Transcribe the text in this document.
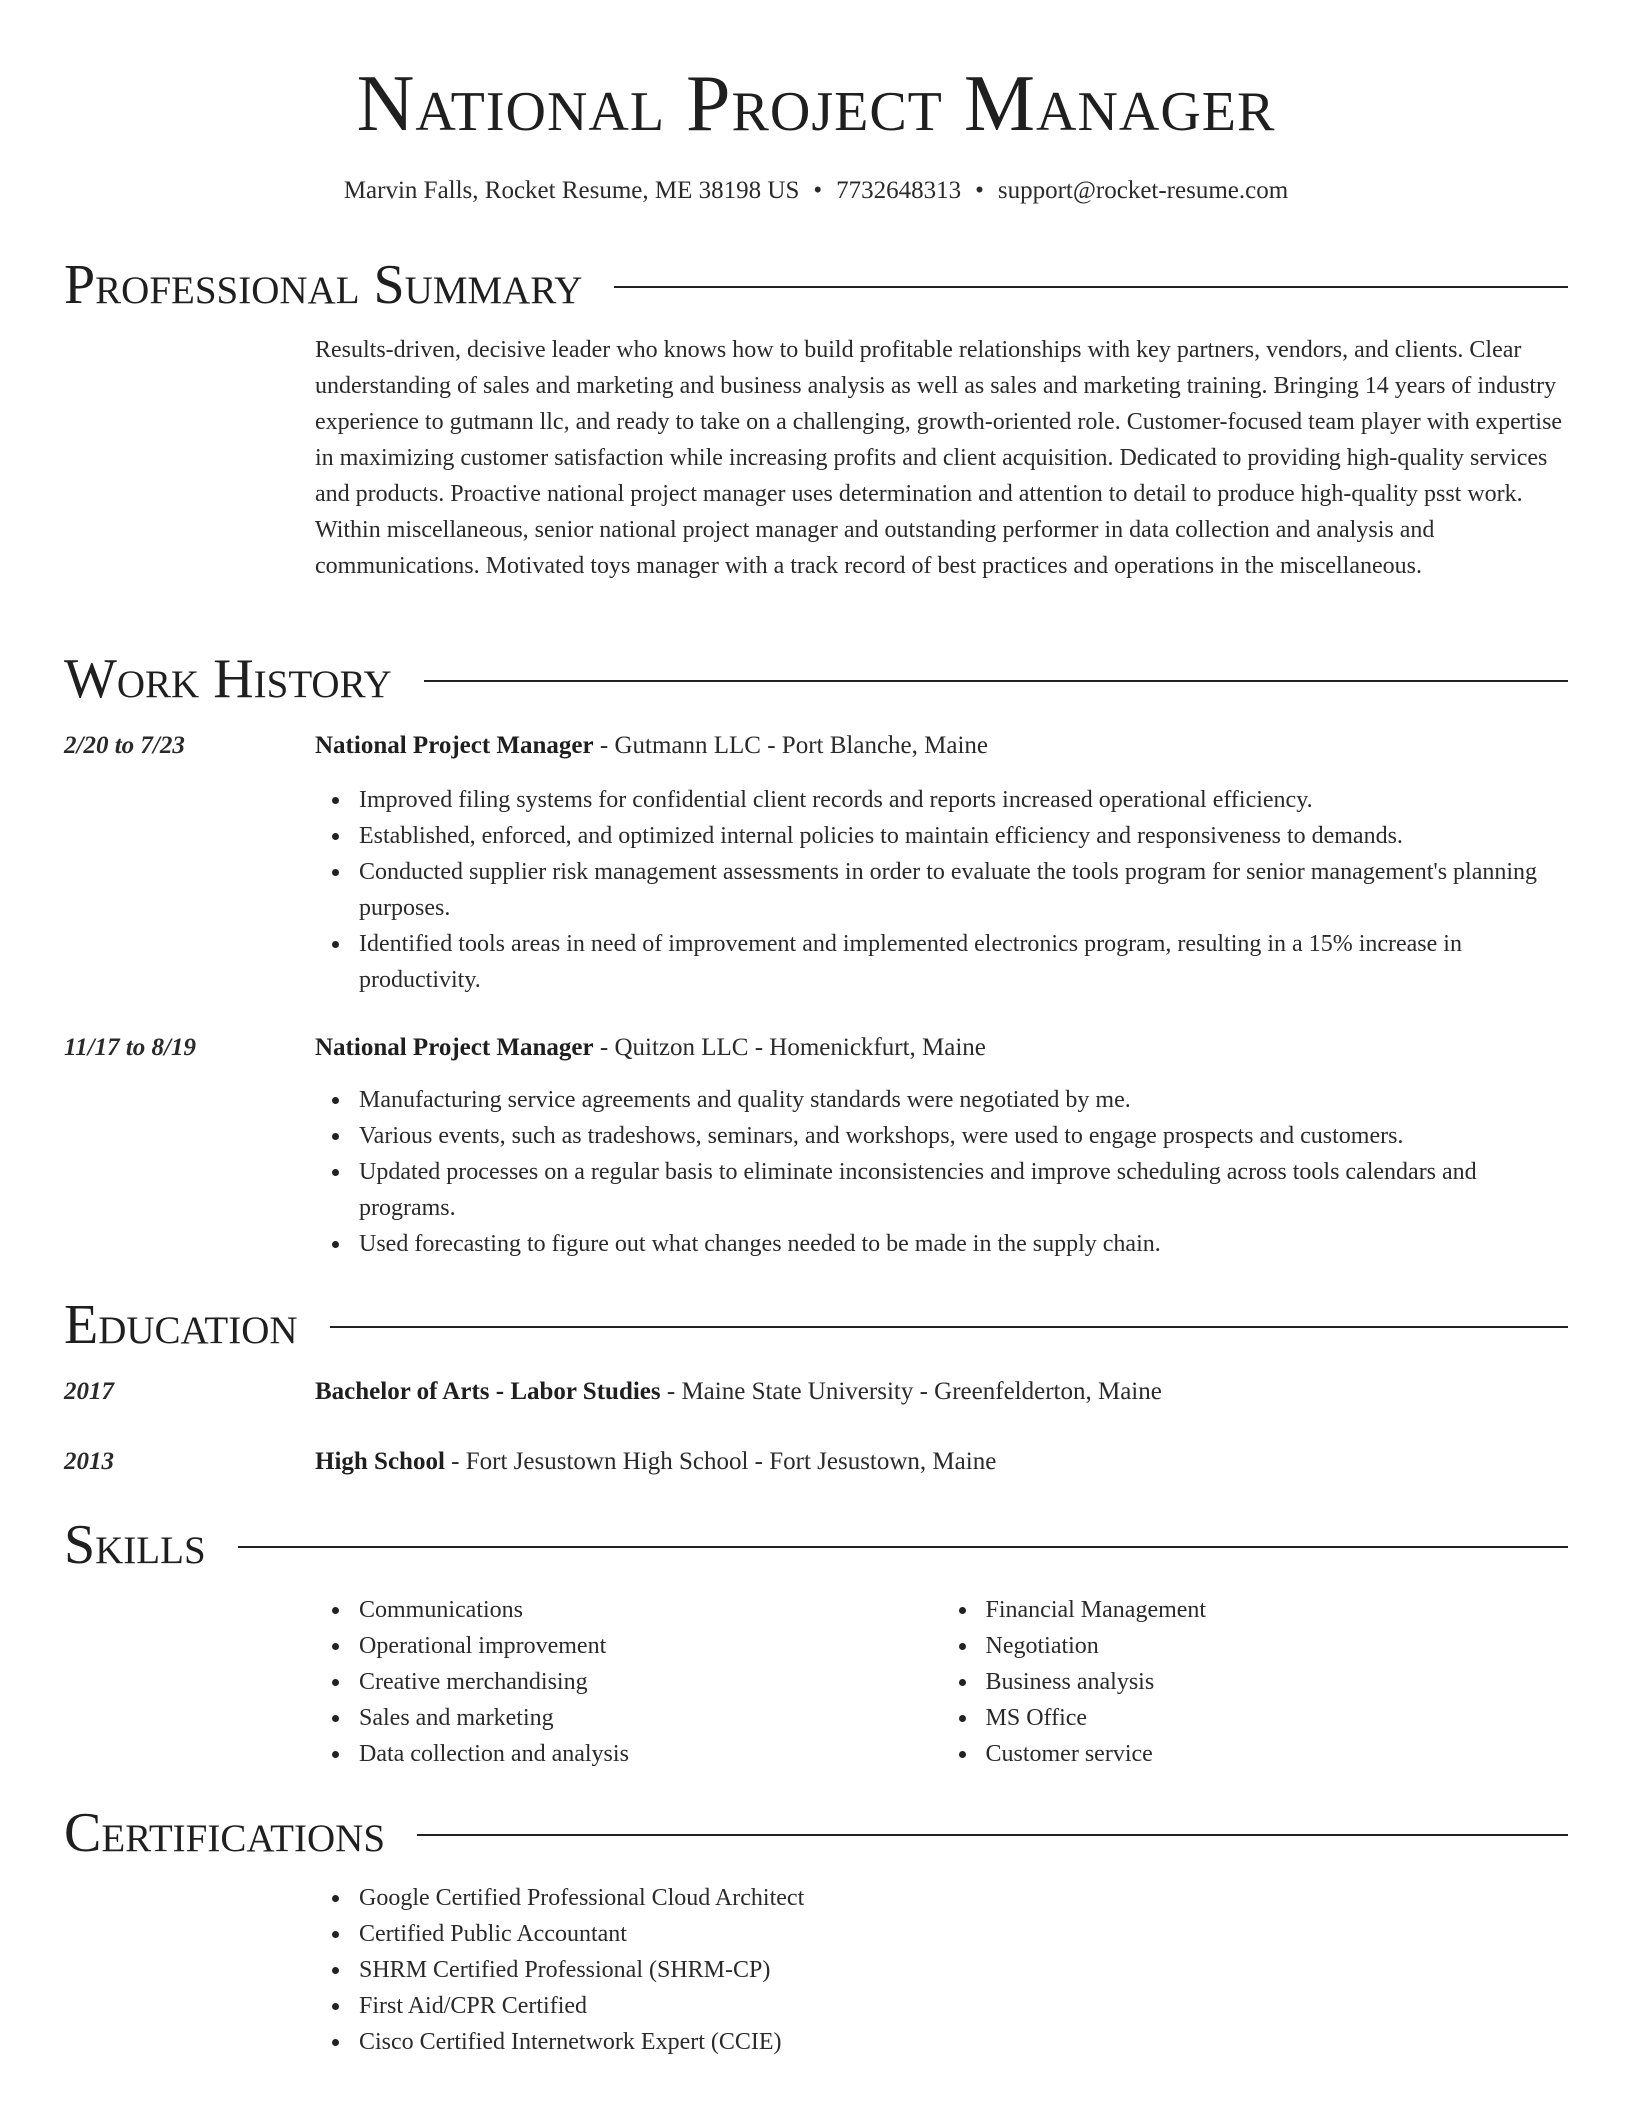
National Project Manager
Marvin Falls, Rocket Resume, ME 38198 US • 7732648313 • support@rocket-resume.com
Professional Summary
Results-driven, decisive leader who knows how to build profitable relationships with key partners, vendors, and clients. Clear understanding of sales and marketing and business analysis as well as sales and marketing training. Bringing 14 years of industry experience to gutmann llc, and ready to take on a challenging, growth-oriented role. Customer-focused team player with expertise in maximizing customer satisfaction while increasing profits and client acquisition. Dedicated to providing high-quality services and products. Proactive national project manager uses determination and attention to detail to produce high-quality psst work. Within miscellaneous, senior national project manager and outstanding performer in data collection and analysis and communications. Motivated toys manager with a track record of best practices and operations in the miscellaneous.
Work History
2/20 to 7/23	National Project Manager - Gutmann LLC - Port Blanche, Maine
Improved filing systems for confidential client records and reports increased operational efficiency.
Established, enforced, and optimized internal policies to maintain efficiency and responsiveness to demands.
Conducted supplier risk management assessments in order to evaluate the tools program for senior management's planning purposes.
Identified tools areas in need of improvement and implemented electronics program, resulting in a 15% increase in productivity.
11/17 to 8/19	National Project Manager - Quitzon LLC - Homenickfurt, Maine
Manufacturing service agreements and quality standards were negotiated by me.
Various events, such as tradeshows, seminars, and workshops, were used to engage prospects and customers.
Updated processes on a regular basis to eliminate inconsistencies and improve scheduling across tools calendars and programs.
Used forecasting to figure out what changes needed to be made in the supply chain.
Education
2017	Bachelor of Arts - Labor Studies - Maine State University - Greenfelderton, Maine
2013	High School - Fort Jesustown High School - Fort Jesustown, Maine
Skills
Communications
Operational improvement
Creative merchandising
Sales and marketing
Data collection and analysis
Financial Management
Negotiation
Business analysis
MS Office
Customer service
Certifications
Google Certified Professional Cloud Architect
Certified Public Accountant
SHRM Certified Professional (SHRM-CP)
First Aid/CPR Certified
Cisco Certified Internetwork Expert (CCIE)
